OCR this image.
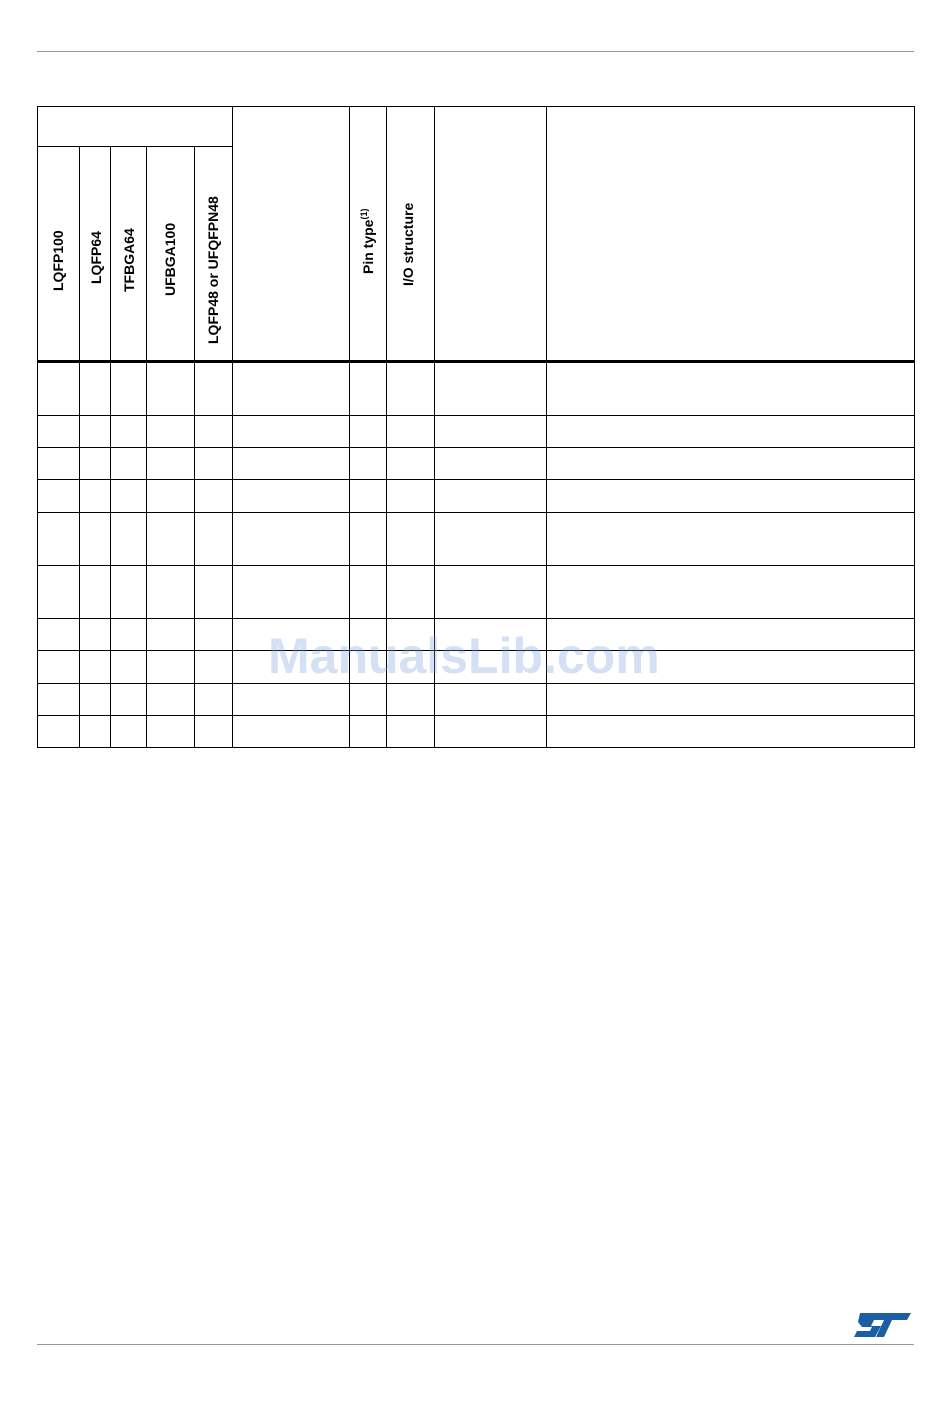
LQFP100 LQFP64 TFBGA64 UFBGA100 LQFP48 or UFQFPN48	Pin type$^{(1)}$	I/O structure
ManualsLib.com
